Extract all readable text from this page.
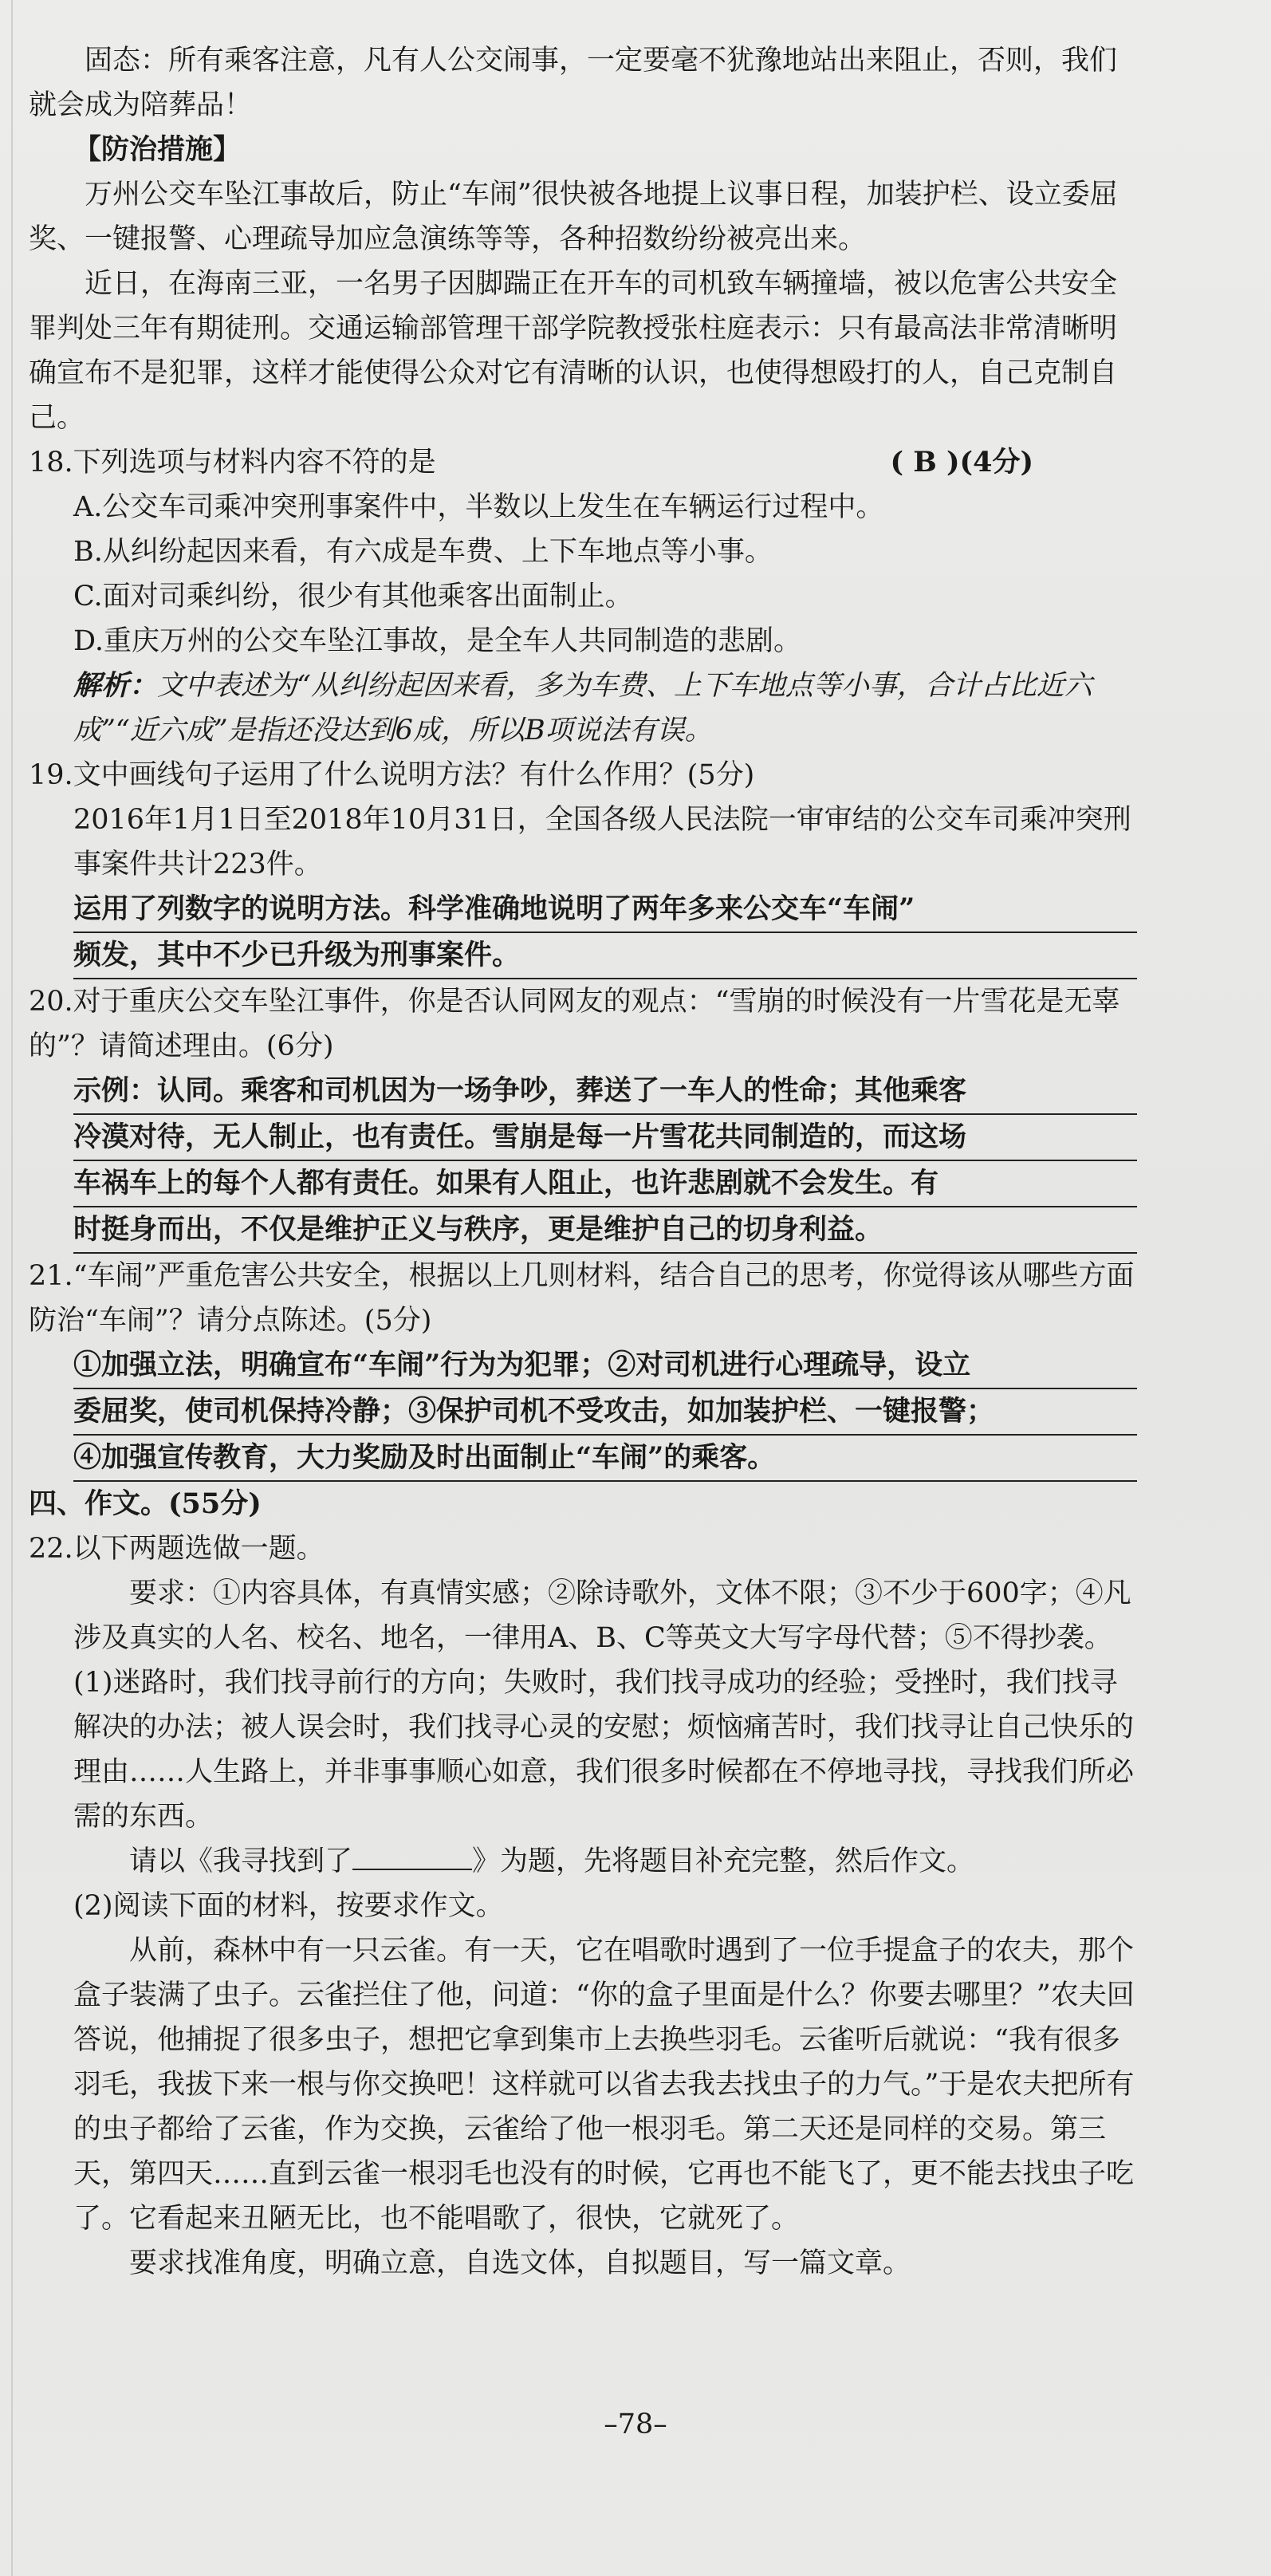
固态：所有乘客注意，凡有人公交闹事，一定要毫不犹豫地站出来阻止，否则，我们就会成为陪葬品！

【防治措施】

万州公交车坠江事故后，防止“车闹”很快被各地提上议事日程，加装护栏、设立委屈奖、一键报警、心理疏导加应急演练等等，各种招数纷纷被亮出来。

近日，在海南三亚，一名男子因脚踹正在开车的司机致车辆撞墙，被以危害公共安全罪判处三年有期徒刑。交通运输部管理干部学院教授张柱庭表示：只有最高法非常清晰明确宣布不是犯罪，这样才能使得公众对它有清晰的认识，也使得想殴打的人，自己克制自己。

18.下列选项与材料内容不符的是	( B )(4分)

A.公交车司乘冲突刑事案件中，半数以上发生在车辆运行过程中。

B.从纠纷起因来看，有六成是车费、上下车地点等小事。

C.面对司乘纠纷，很少有其他乘客出面制止。

D.重庆万州的公交车坠江事故，是全车人共同制造的悲剧。

解析：文中表述为“从纠纷起因来看，多为车费、上下车地点等小事，合计占比近六成”“近六成”是指还没达到6成，所以B项说法有误。

19.文中画线句子运用了什么说明方法？有什么作用？(5分)

2016年1月1日至2018年10月31日，全国各级人民法院一审审结的公交车司乘冲突刑事案件共计223件。

运用了列数字的说明方法。科学准确地说明了两年多来公交车“车闹”
频发，其中不少已升级为刑事案件。

20.对于重庆公交车坠江事件，你是否认同网友的观点：“雪崩的时候没有一片雪花是无辜的”？请简述理由。(6分)

示例：认同。乘客和司机因为一场争吵，葬送了一车人的性命；其他乘客
冷漠对待，无人制止，也有责任。雪崩是每一片雪花共同制造的，而这场
车祸车上的每个人都有责任。如果有人阻止，也许悲剧就不会发生。有
时挺身而出，不仅是维护正义与秩序，更是维护自己的切身利益。

21.“车闹”严重危害公共安全，根据以上几则材料，结合自己的思考，你觉得该从哪些方面防治“车闹”？请分点陈述。(5分)

①加强立法，明确宣布“车闹”行为为犯罪；②对司机进行心理疏导，设立
委屈奖，使司机保持冷静；③保护司机不受攻击，如加装护栏、一键报警；
④加强宣传教育，大力奖励及时出面制止“车闹”的乘客。

四、作文。(55分)

22.以下两题选做一题。

要求：①内容具体，有真情实感；②除诗歌外，文体不限；③不少于600字；④凡涉及真实的人名、校名、地名，一律用A、B、C等英文大写字母代替；⑤不得抄袭。

(1)迷路时，我们找寻前行的方向；失败时，我们找寻成功的经验；受挫时，我们找寻解决的办法；被人误会时，我们找寻心灵的安慰；烦恼痛苦时，我们找寻让自己快乐的理由……人生路上，并非事事顺心如意，我们很多时候都在不停地寻找，寻找我们所必需的东西。

请以《我寻找到了	》为题，先将题目补充完整，然后作文。

(2)阅读下面的材料，按要求作文。

从前，森林中有一只云雀。有一天，它在唱歌时遇到了一位手提盒子的农夫，那个盒子装满了虫子。云雀拦住了他，问道：“你的盒子里面是什么？你要去哪里？”农夫回答说，他捕捉了很多虫子，想把它拿到集市上去换些羽毛。云雀听后就说：“我有很多羽毛，我拔下来一根与你交换吧！这样就可以省去我去找虫子的力气。”于是农夫把所有的虫子都给了云雀，作为交换，云雀给了他一根羽毛。第二天还是同样的交易。第三天，第四天……直到云雀一根羽毛也没有的时候，它再也不能飞了，更不能去找虫子吃了。它看起来丑陋无比，也不能唱歌了，很快，它就死了。

要求找准角度，明确立意，自选文体，自拟题目，写一篇文章。

–78–
